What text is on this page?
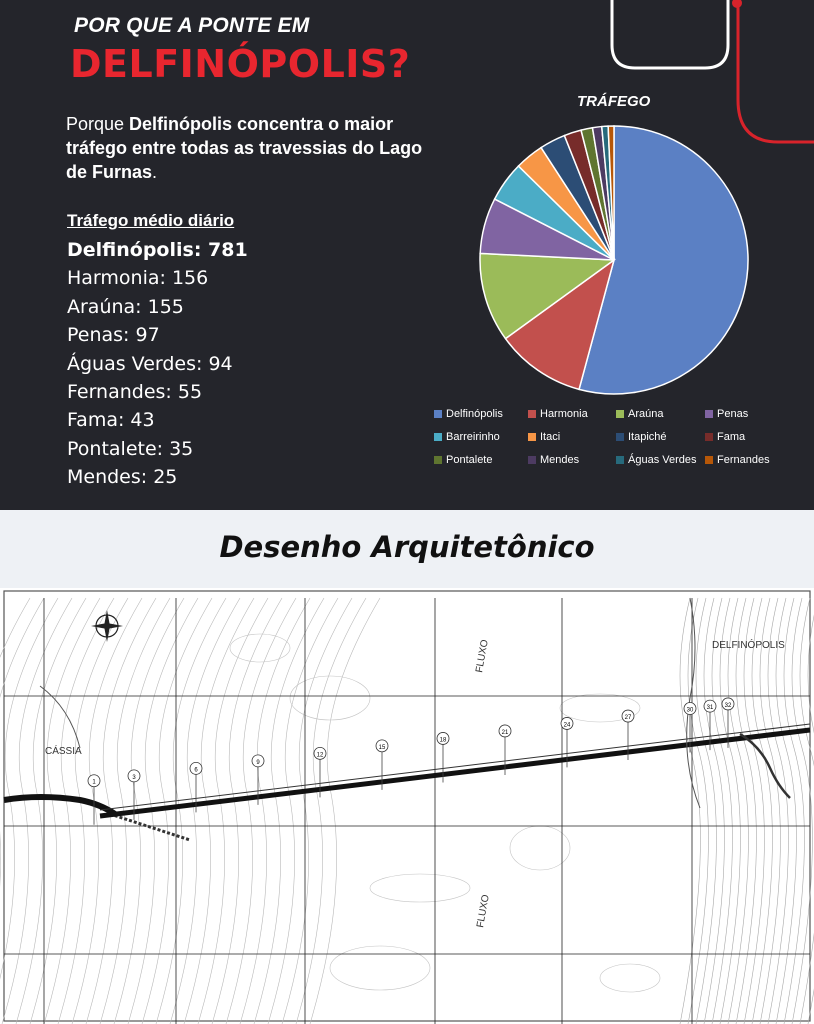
POR QUE A PONTE EM
DELFINÓPOLIS?
Porque Delfinópolis concentra o maior tráfego entre todas as travessias do Lago de Furnas.
Tráfego médio diário
Delfinópolis: 781
Harmonia: 156
Araúna: 155
Penas: 97
Águas Verdes: 94
Fernandes: 55
Fama: 43
Pontalete: 35
Mendes: 25
TRÁFEGO
Delfinópolis	Harmonia	Araúna	Penas
Barreirinho	Itaci	Itapiché	Fama
Pontalete	Mendes	Águas Verdes Fernandes
Desenho Arquitetônico
1
3
6
9
12
15
18
21
24
27
30 31 32
CÁSSIA
DELFINÓPOLIS
FLUXO
FLUXO
